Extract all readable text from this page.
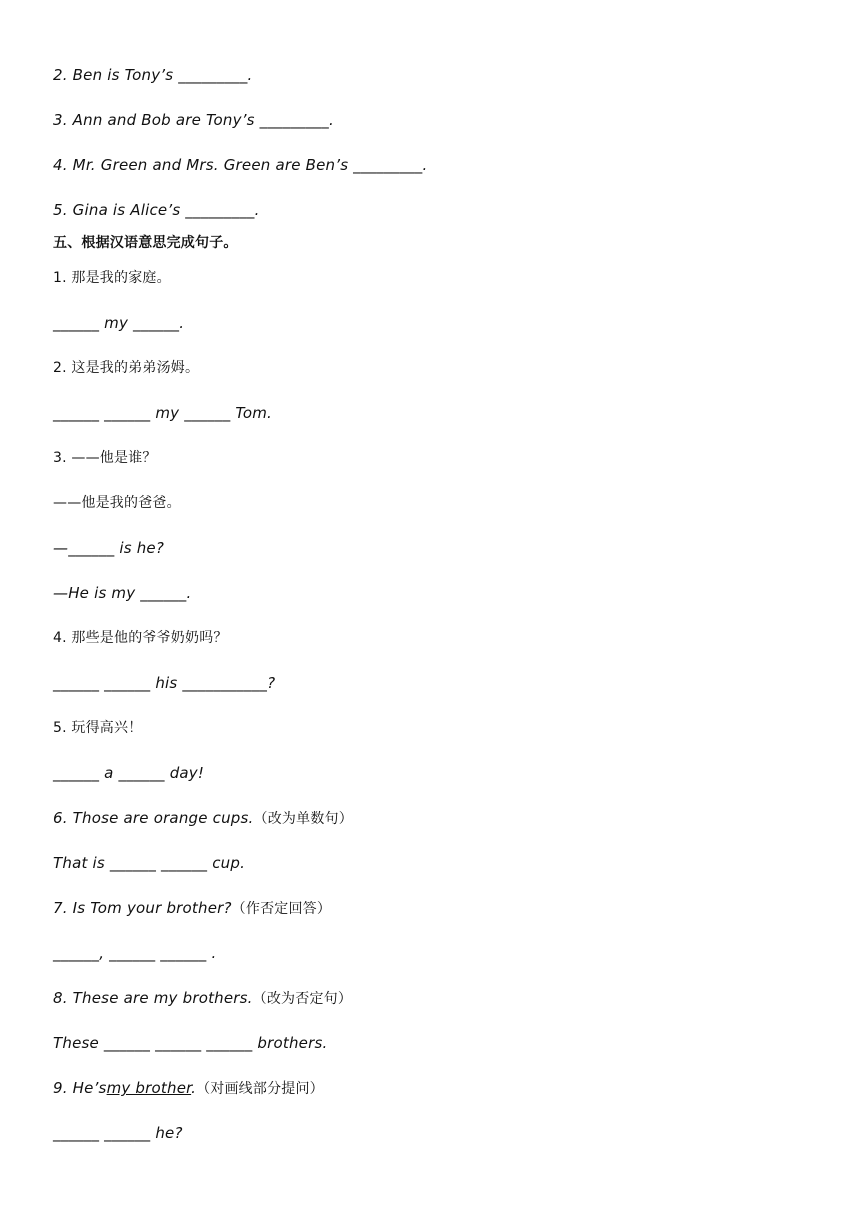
2. Ben is Tony’s _________.

3. Ann and Bob are Tony’s _________.

4. Mr. Green and Mrs. Green are Ben’s _________.

5. Gina is Alice’s _________.

五、根据汉语意思完成句子。

1. 那是我的家庭。

______ my ______.

2. 这是我的弟弟汤姆。

______ ______ my ______ Tom.

3. ——他是谁？

——他是我的爸爸。

—______ is he?

—He is my ______.

4. 那些是他的爷爷奶奶吗？

______ ______ his ___________?

5. 玩得高兴！

______ a ______ day!

6. Those are orange cups.（改为单数句）

That is ______ ______ cup.

7. Is Tom your brother?（作否定回答）

______, ______ ______ .

8. These are my brothers.（改为否定句）

These ______ ______ ______ brothers.

9. He’smy brother.（对画线部分提问）

______ ______ he?
